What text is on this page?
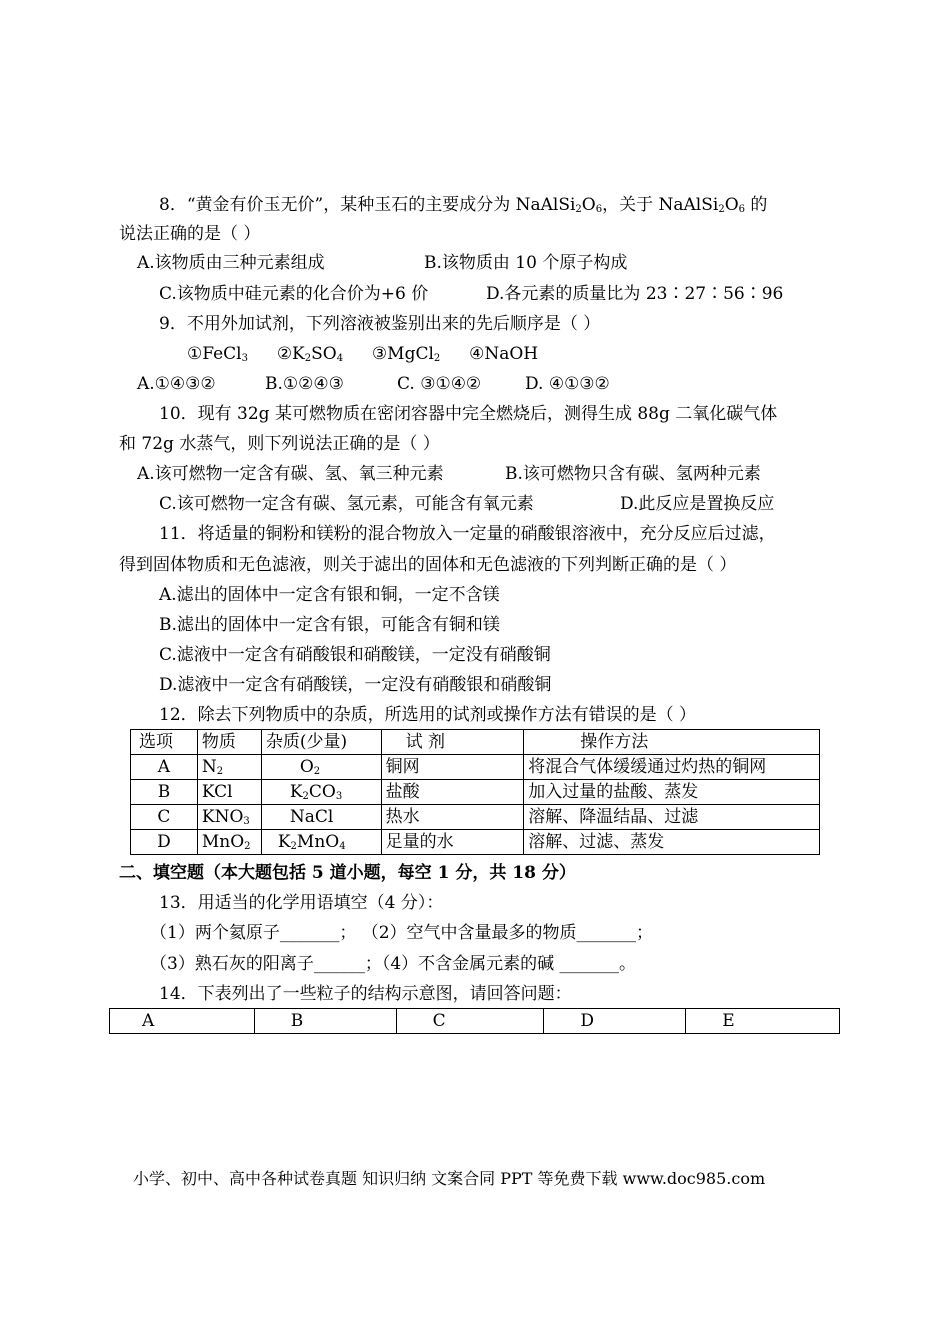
8．“黄金有价玉无价”，某种玉石的主要成分为 $NaAlSi_2O_6$，关于 $NaAlSi_2O_6$ 的
说法正确的是（ ）
A.该物质由三种元素组成	B.该物质由 10 个原子构成
C.该物质中硅元素的化合价为+6 价	D.各元素的质量比为 23∶27∶56∶96
9．不用外加试剂，下列溶液被鉴别出来的先后顺序是（ ）
①FeCl$_3$ $②K_2SO_4$ ③MgCl$_2$ ④NaOH
A.①④③②	B.①②④③	C. ③①④②	D. ④①③②
10．现有 32g 某可燃物质在密闭容器中完全燃烧后，测得生成 88g 二氧化碳气体
和 72g 水蒸气，则下列说法正确的是（ ）
A.该可燃物一定含有碳、氢、氧三种元素	B.该可燃物只含有碳、氢两种元素
C.该可燃物一定含有碳、氢元素，可能含有氧元素	D.此反应是置换反应
11．将适量的铜粉和镁粉的混合物放入一定量的硝酸银溶液中，充分反应后过滤，
得到固体物质和无色滤液，则关于滤出的固体和无色滤液的下列判断正确的是（ ）
A.滤出的固体中一定含有银和铜，一定不含镁
B.滤出的固体中一定含有银，可能含有铜和镁
C.滤液中一定含有硝酸银和硝酸镁，一定没有硝酸铜
D.滤液中一定含有硝酸镁，一定没有硝酸银和硝酸铜
12．除去下列物质中的杂质，所选用的试剂或操作方法有错误的是（ ）
选项	物质	杂质(少量)	试 剂	操作方法
A	$N_2$	$O_2$	铜网	将混合气体缓缓通过灼热的铜网
B	KCl	$K_2CO_3$	盐酸	加入过量的盐酸、蒸发
C	$KNO_3$	NaCl	热水	溶解、降温结晶、过滤
D	MnO$_2$	$K_2MnO_4$	足量的水	溶解、过滤、蒸发
二、填空题（本大题包括 5 道小题，每空 1 分，共 18 分）
13．用适当的化学用语填空（4 分）：
（1）两个氦原子_______； （2）空气中含量最多的物质_______；
（3）熟石灰的阳离子______；（4）不含金属元素的碱 _______。
14．下表列出了一些粒子的结构示意图，请回答问题：
A	B	C	D	E
小学、初中、高中各种试卷真题 知识归纳 文案合同 PPT 等免费下载 www.doc985.com
